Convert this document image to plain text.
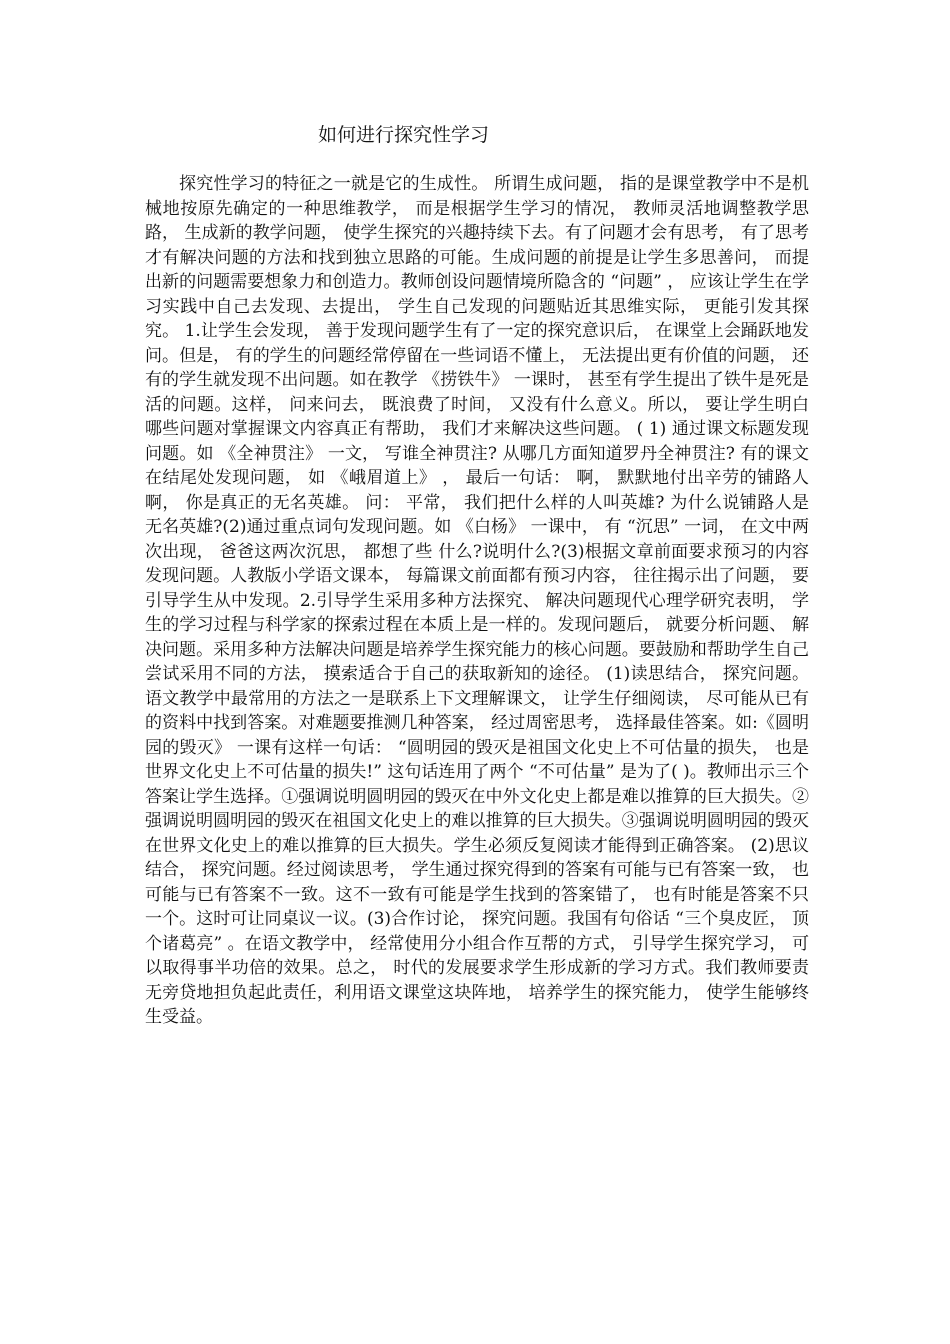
如何进行探究性学习
探究性学习的特征之一就是它的生成性。 所谓生成问题， 指的是课堂教学中不是机械地按原先确定的一种思维教学， 而是根据学生学习的情况， 教师灵活地调整教学思路， 生成新的教学问题， 使学生探究的兴趣持续下去。有了问题才会有思考， 有了思考才有解决问题的方法和找到独立思路的可能。生成问题的前提是让学生多思善问， 而提出新的问题需要想象力和创造力。教师创设问题情境所隐含的 “问题” ， 应该让学生在学习实践中自己去发现、去提出， 学生自己发现的问题贴近其思维实际， 更能引发其探究。 1.让学生会发现， 善于发现问题学生有了一定的探究意识后， 在课堂上会踊跃地发问。但是， 有的学生的问题经常停留在一些词语不懂上， 无法提出更有价值的问题， 还有的学生就发现不出问题。如在教学 《捞铁牛》 一课时， 甚至有学生提出了铁牛是死是活的问题。这样， 问来问去， 既浪费了时间， 又没有什么意义。所以， 要让学生明白哪些问题对掌握课文内容真正有帮助， 我们才来解决这些问题。 ( 1) 通过课文标题发现问题。如 《全神贯注》 一文， 写谁全神贯注? 从哪几方面知道罗丹全神贯注? 有的课文在结尾处发现问题， 如 《峨眉道上》 ， 最后一句话： 啊， 默默地付出辛劳的铺路人啊， 你是真正的无名英雄。 问： 平常， 我们把什么样的人叫英雄? 为什么说铺路人是无名英雄?(2)通过重点词句发现问题。如 《白杨》 一课中， 有 “沉思” 一词， 在文中两次出现， 爸爸这两次沉思， 都想了些 什么?说明什么?(3)根据文章前面要求预习的内容发现问题。人教版小学语文课本， 每篇课文前面都有预习内容， 往往揭示出了问题， 要引导学生从中发现。2.引导学生采用多种方法探究、 解决问题现代心理学研究表明， 学生的学习过程与科学家的探索过程在本质上是一样的。发现问题后， 就要分析问题、 解决问题。采用多种方法解决问题是培养学生探究能力的核心问题。要鼓励和帮助学生自己尝试采用不同的方法， 摸索适合于自己的获取新知的途径。 (1)读思结合， 探究问题。语文教学中最常用的方法之一是联系上下文理解课文， 让学生仔细阅读， 尽可能从已有的资料中找到答案。对难题要推测几种答案， 经过周密思考， 选择最佳答案。如:《圆明园的毁灭》 一课有这样一句话： “圆明园的毁灭是祖国文化史上不可估量的损失， 也是世界文化史上不可估量的损失!” 这句话连用了两个 “不可估量” 是为了( )。教师出示三个答案让学生选择。①强调说明圆明园的毁灭在中外文化史上都是难以推算的巨大损失。②强调说明圆明园的毁灭在祖国文化史上的难以推算的巨大损失。③强调说明圆明园的毁灭在世界文化史上的难以推算的巨大损失。学生必须反复阅读才能得到正确答案。 (2)思议结合， 探究问题。经过阅读思考， 学生通过探究得到的答案有可能与已有答案一致， 也可能与已有答案不一致。这不一致有可能是学生找到的答案错了， 也有时能是答案不只一个。这时可让同桌议一议。(3)合作讨论， 探究问题。我国有句俗话 “三个臭皮匠， 顶个诸葛亮” 。在语文教学中， 经常使用分小组合作互帮的方式， 引导学生探究学习， 可以取得事半功倍的效果。总之， 时代的发展要求学生形成新的学习方式。我们教师要责无旁贷地担负起此责任，利用语文课堂这块阵地， 培养学生的探究能力， 使学生能够终生受益。
